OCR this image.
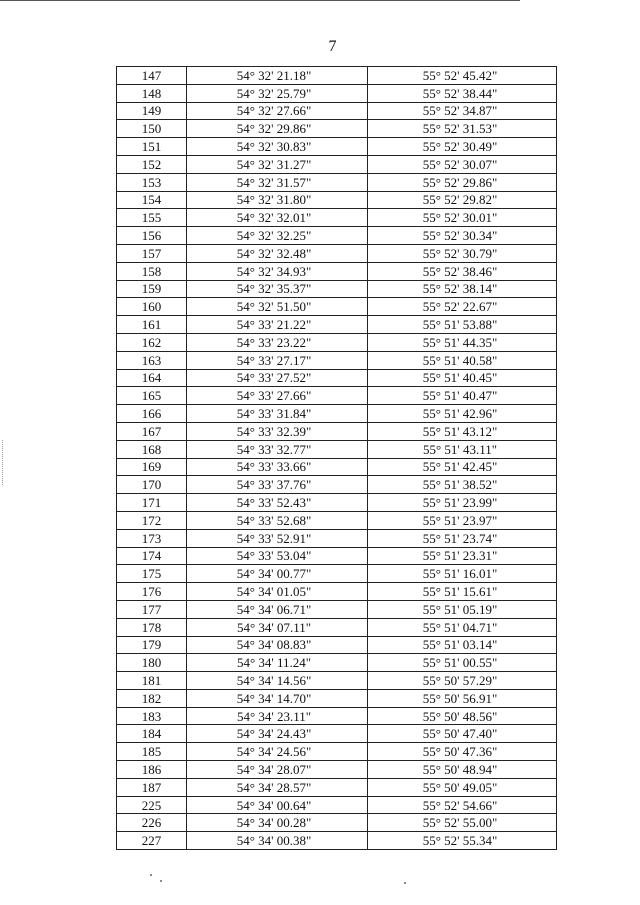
7
147	54° 32' 21.18"	55° 52' 45.42"
148	54° 32' 25.79"	55° 52' 38.44"
149	54° 32' 27.66"	55° 52' 34.87"
150	54° 32' 29.86"	55° 52' 31.53"
151	54° 32' 30.83"	55° 52' 30.49"
152	54° 32' 31.27"	55° 52' 30.07"
153	54° 32' 31.57"	55° 52' 29.86"
154	54° 32' 31.80"	55° 52' 29.82"
155	54° 32' 32.01"	55° 52' 30.01"
156	54° 32' 32.25"	55° 52' 30.34"
157	54° 32' 32.48"	55° 52' 30.79"
158	54° 32' 34.93"	55° 52' 38.46"
159	54° 32' 35.37"	55° 52' 38.14"
160	54° 32' 51.50"	55° 52' 22.67"
161	54° 33' 21.22"	55° 51' 53.88"
162	54° 33' 23.22"	55° 51' 44.35"
163	54° 33' 27.17"	55° 51' 40.58"
164	54° 33' 27.52"	55° 51' 40.45"
165	54° 33' 27.66"	55° 51' 40.47"
166	54° 33' 31.84"	55° 51' 42.96"
167	54° 33' 32.39"	55° 51' 43.12"
168	54° 33' 32.77"	55° 51' 43.11"
169	54° 33' 33.66"	55° 51' 42.45"
170	54° 33' 37.76"	55° 51' 38.52"
171	54° 33' 52.43"	55° 51' 23.99"
172	54° 33' 52.68"	55° 51' 23.97"
173	54° 33' 52.91"	55° 51' 23.74"
174	54° 33' 53.04"	55° 51' 23.31"
175	54° 34' 00.77"	55° 51' 16.01"
176	54° 34' 01.05"	55° 51' 15.61"
177	54° 34' 06.71"	55° 51' 05.19"
178	54° 34' 07.11"	55° 51' 04.71"
179	54° 34' 08.83"	55° 51' 03.14"
180	54° 34' 11.24"	55° 51' 00.55"
181	54° 34' 14.56"	55° 50' 57.29"
182	54° 34' 14.70"	55° 50' 56.91"
183	54° 34' 23.11"	55° 50' 48.56"
184	54° 34' 24.43"	55° 50' 47.40"
185	54° 34' 24.56"	55° 50' 47.36"
186	54° 34' 28.07"	55° 50' 48.94"
187	54° 34' 28.57"	55° 50' 49.05"
225	54° 34' 00.64"	55° 52' 54.66"
226	54° 34' 00.28"	55° 52' 55.00"
227	54° 34' 00.38"	55° 52' 55.34"
